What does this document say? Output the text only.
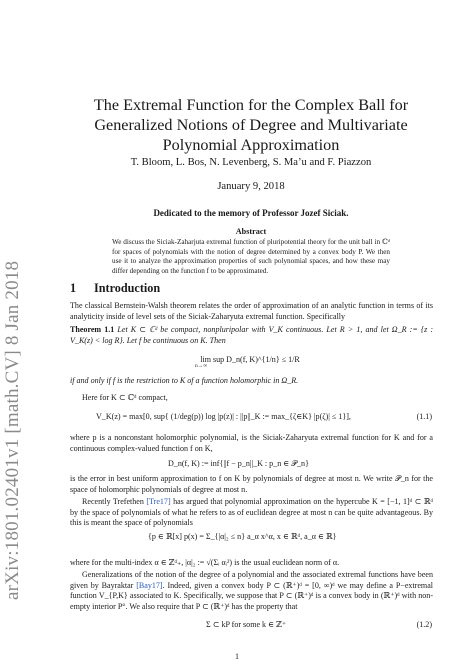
arXiv:1801.02401v1 [math.CV] 8 Jan 2018
The Extremal Function for the Complex Ball for Generalized Notions of Degree and Multivariate Polynomial Approximation
T. Bloom, L. Bos, N. Levenberg, S. Ma’u and F. Piazzon
January 9, 2018
Dedicated to the memory of Professor Jozef Siciak.
Abstract
We discuss the Siciak-Zaharjuta extremal function of pluripotential theory for the unit ball in ℂᵈ for spaces of polynomials with the notion of degree determined by a convex body P. We then use it to analyze the approximation properties of such polynomial spaces, and how these may differ depending on the function f to be approximated.
1 Introduction
The classical Bernstein-Walsh theorem relates the order of approximation of an analytic function in terms of its analyticity inside of level sets of the Siciak-Zaharyuta extremal function. Specifically
Theorem 1.1 Let K ⊂ ℂᵈ be compact, nonpluripolar with V_K continuous. Let R > 1, and let Ω_R := {z : V_K(z) < log R}. Let f be continuous on K. Then
lim sup D_n(f, K)^{1/n} ≤ 1/R
n→∞
if and only if f is the restriction to K of a function holomorphic in Ω_R.
Here for K ⊂ ℂᵈ compact,
V_K(z) = max[0, sup{ (1/deg(p)) log |p(z)| : ||p||_K := max_{ζ∈K} |p(ζ)| ≤ 1}],	(1.1)
where p is a nonconstant holomorphic polynomial, is the Siciak-Zaharyuta extremal function for K and for a continuous complex-valued function f on K,
D_n(f, K) := inf{||f − p_n||_K : p_n ∈ 𝒫_n}
is the error in best uniform approximation to f on K by polynomials of degree at most n. We write 𝒫_n for the space of holomorphic polynomials of degree at most n.
Recently Trefethen [Tre17] has argued that polynomial approximation on the hypercube K = [−1, 1]ᵈ ⊂ ℝᵈ by the space of polynomials of what he refers to as of euclidean degree at most n can be quite advantageous. By this is meant the space of polynomials
{p ∈ ℝ[x] p(x) = Σ_{|α|₂ ≤ n} a_α x^α, x ∈ ℝᵈ, a_α ∈ ℝ}
where for the multi-index α ∈ ℤᵈ₊, |α|₂ := √(Σᵢ αᵢ²) is the usual euclidean norm of α.
Generalizations of the notion of the degree of a polynomial and the associated extremal functions have been given by Bayraktar [Bay17]. Indeed, given a convex body P ⊂ (ℝ⁺)ᵈ = [0, ∞)ᵈ we may define a P−extremal function V_{P,K} associated to K. Specifically, we suppose that P ⊂ (ℝ⁺)ᵈ is a convex body in (ℝ⁺)ᵈ with non-empty interior P°. We also require that P ⊂ (ℝ⁺)ᵈ has the property that
Σ ⊂ kP for some k ∈ ℤ⁺	(1.2)
1
